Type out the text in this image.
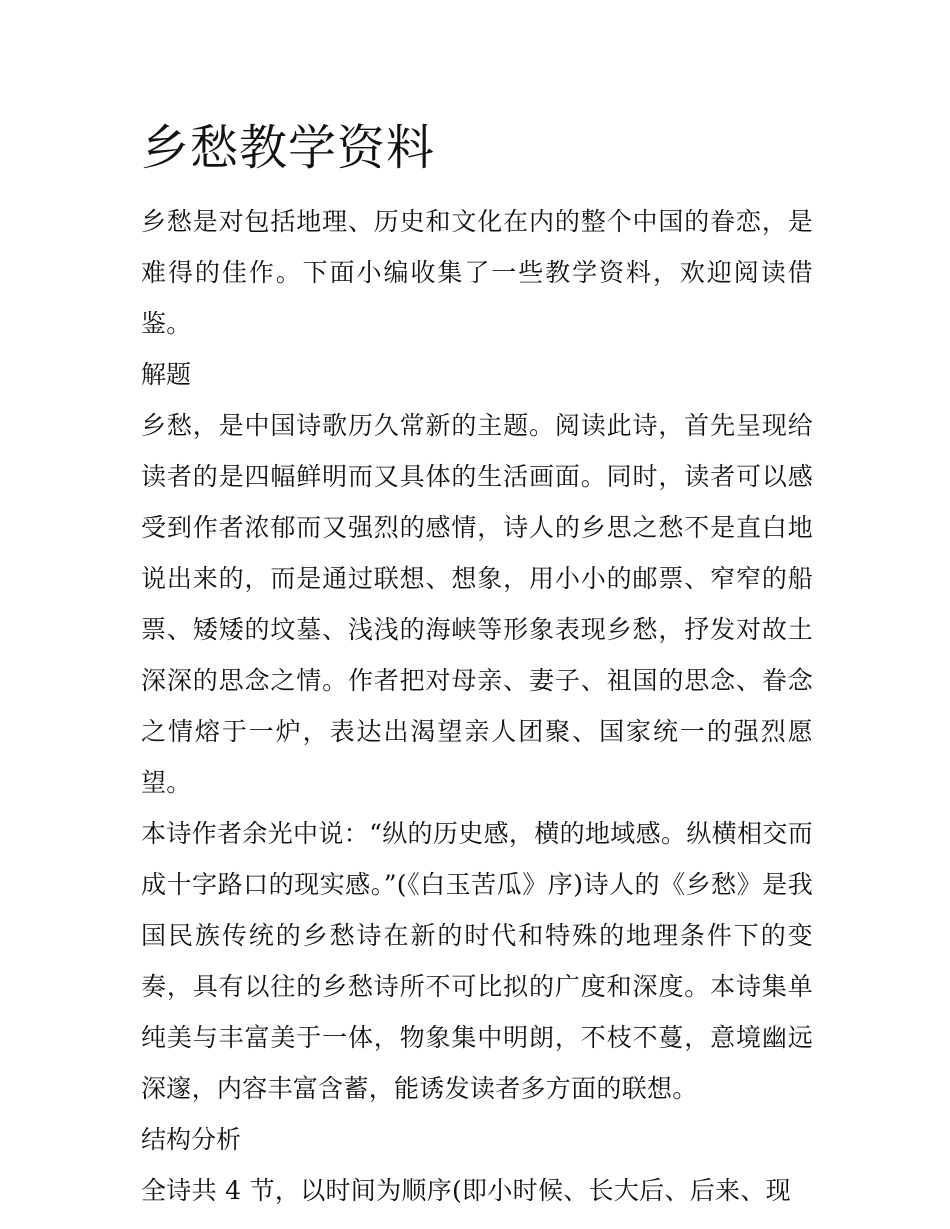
乡愁教学资料

乡愁是对包括地理、历史和文化在内的整个中国的眷恋，是难得的佳作。下面小编收集了一些教学资料，欢迎阅读借鉴。

解题

乡愁，是中国诗歌历久常新的主题。阅读此诗，首先呈现给读者的是四幅鲜明而又具体的生活画面。同时，读者可以感受到作者浓郁而又强烈的感情，诗人的乡思之愁不是直白地说出来的，而是通过联想、想象，用小小的邮票、窄窄的船票、矮矮的坟墓、浅浅的海峡等形象表现乡愁，抒发对故土深深的思念之情。作者把对母亲、妻子、祖国的思念、眷念之情熔于一炉，表达出渴望亲人团聚、国家统一的强烈愿望。

本诗作者余光中说：“纵的历史感，横的地域感。纵横相交而成十字路口的现实感。”(《白玉苦瓜》序)诗人的《乡愁》是我国民族传统的乡愁诗在新的时代和特殊的地理条件下的变奏，具有以往的乡愁诗所不可比拟的广度和深度。本诗集单纯美与丰富美于一体，物象集中明朗，不枝不蔓，意境幽远深邃，内容丰富含蓄，能诱发读者多方面的联想。

结构分析

全诗共 4 节，以时间为顺序(即小时候、长大后、后来、现
